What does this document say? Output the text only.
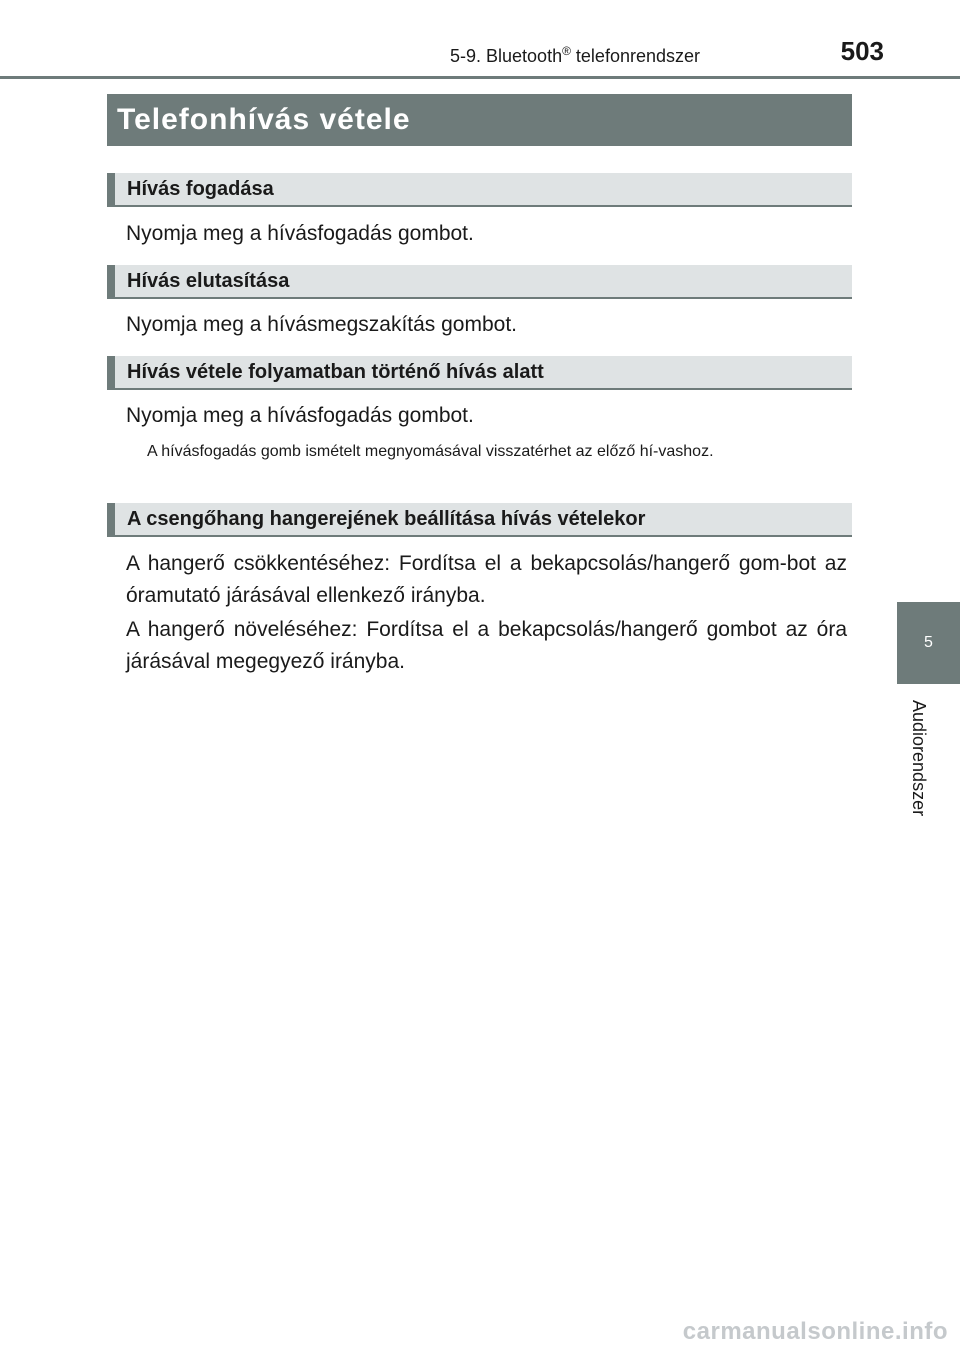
5-9. Bluetooth® telefonrendszer	503
Telefonhívás vétele
Hívás fogadása
Nyomja meg a hívásfogadás gombot.
Hívás elutasítása
Nyomja meg a hívásmegszakítás gombot.
Hívás vétele folyamatban történő hívás alatt
Nyomja meg a hívásfogadás gombot.
A hívásfogadás gomb ismételt megnyomásával visszatérhet az előző hí-vashoz.
A csengőhang hangerejének beállítása hívás vételekor
A hangerő csökkentéséhez: Fordítsa el a bekapcsolás/hangerő gom-bot az óramutató járásával ellenkező irányba.
A hangerő növeléséhez: Fordítsa el a bekapcsolás/hangerő gombot az óra járásával megegyező irányba.
5
Audiorendszer
carmanualsonline.info
